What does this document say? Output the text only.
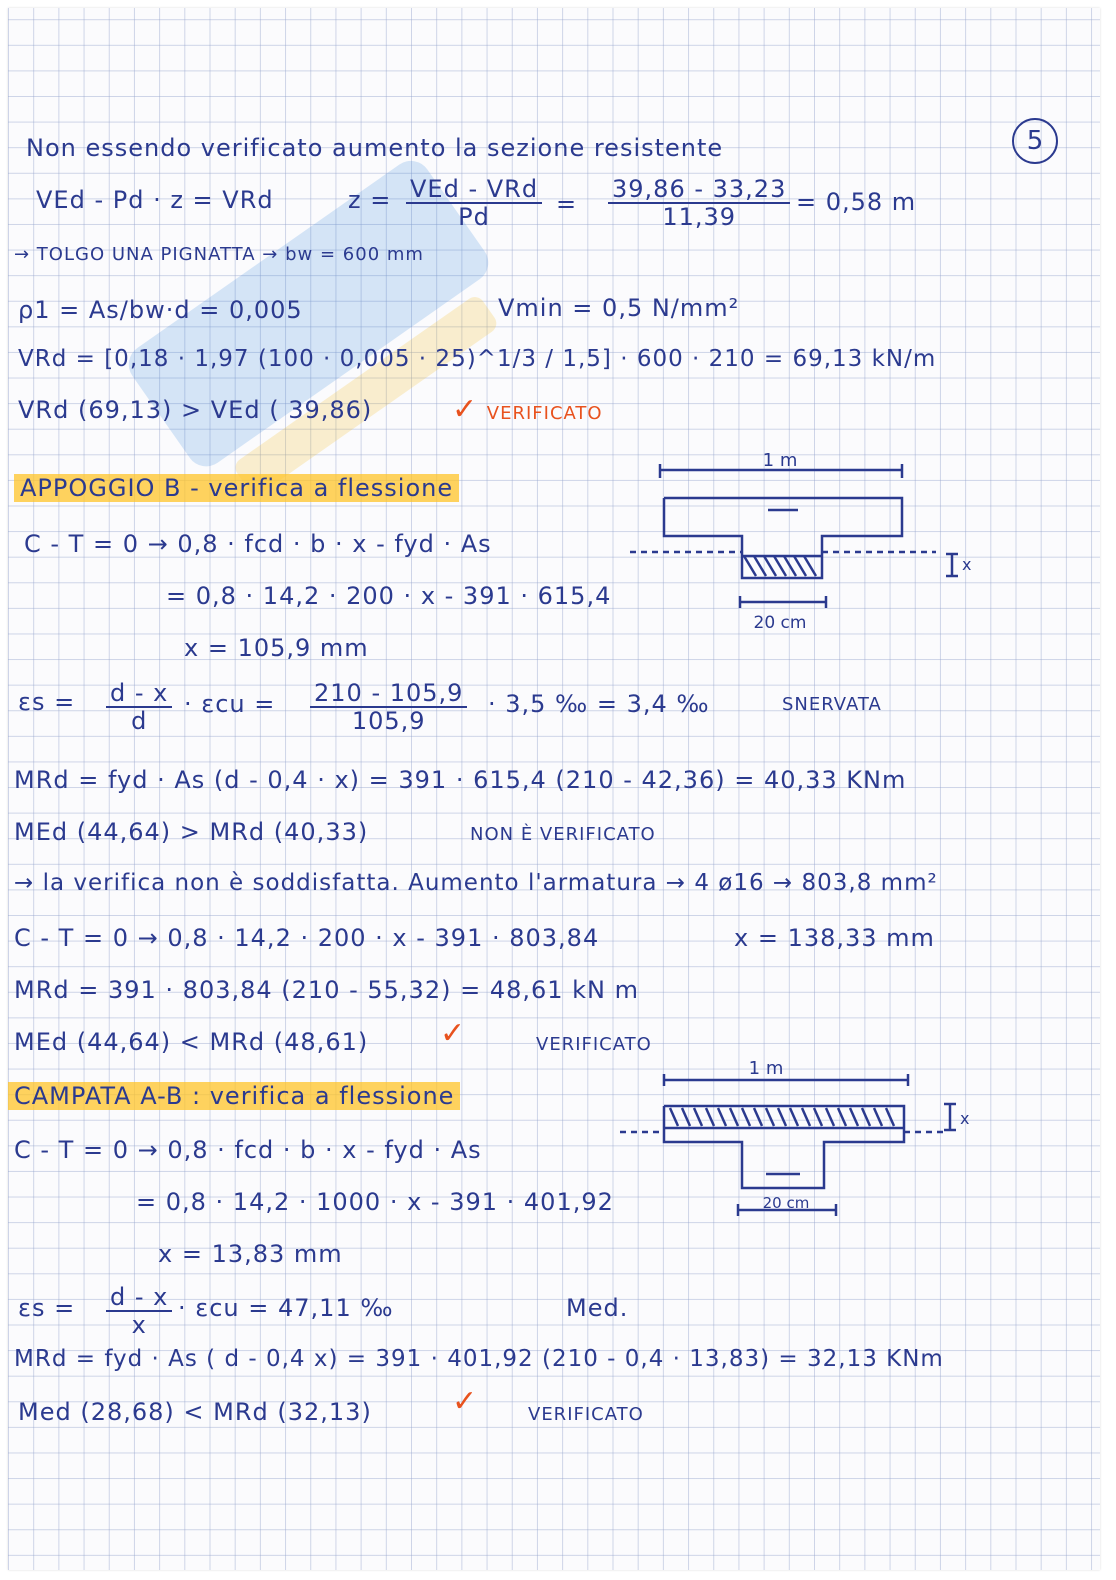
5
Non essendo verificato aumento la sezione resistente
VEd - Pd · z = VRd	$z = \frac{\text{VEd - VRd}}{Pd} = \frac{39,86 - 33,23}{11,39} = 0,58$ m
→ TOLGO UNA PIGNATTA → bw = 600 mm
ρ1 = As/bw·d = 0,005	Vmin = 0,5 N/mm²
VRd = [0,18 · 1,97 (100 · 0,005 · 25)^1/3 / 1,5] · 600 · 210 = 69,13 kN/m
VRd (69,13) > VEd ( 39,86)	✓ VERIFICATO
APPOGGIO B - verifica a flessione
C - T = 0 → 0,8 · fcd · b · x - fyd · As
= 0,8 · 14,2 · 200 · x - 391 · 615,4
x = 105,9 mm
$\varepsilon s = \frac{d - x}{d} \cdot \varepsilon cu = \frac{210 - 105,9}{105,9} \cdot 3,5$ ‰ = 3,4 ‰	SNERVATA
MRd = fyd · As (d - 0,4 · x) = 391 · 615,4 (210 - 42,36) = 40,33 KNm
MEd (44,64) > MRd (40,33)	NON È VERIFICATO
→ la verifica non è soddisfatta. Aumento l'armatura → 4 ø16 → 803,8 mm²
C - T = 0 → 0,8 · 14,2 · 200 · x - 391 · 803,84	x = 138,33 mm
MRd = 391 · 803,84 (210 - 55,32) = 48,61 kN m
MEd (44,64) < MRd (48,61) ✓	VERIFICATO
CAMPATA A-B : verifica a flessione
C - T = 0 → 0,8 · fcd · b · x - fyd · As
= 0,8 · 14,2 · 1000 · x - 391 · 401,92
x = 13,83 mm
$\varepsilon s = \frac{d - x}{x} \cdot \varepsilon cu = 47,11$ ‰	Med.
MRd = fyd · As ( d - 0,4 x) = 391 · 401,92 (210 - 0,4 · 13,83) = 32,13 KNm
Med (28,68) < MRd (32,13)	✓	VERIFICATO
1 m
20 cm
x
1 m
20 cm
x
